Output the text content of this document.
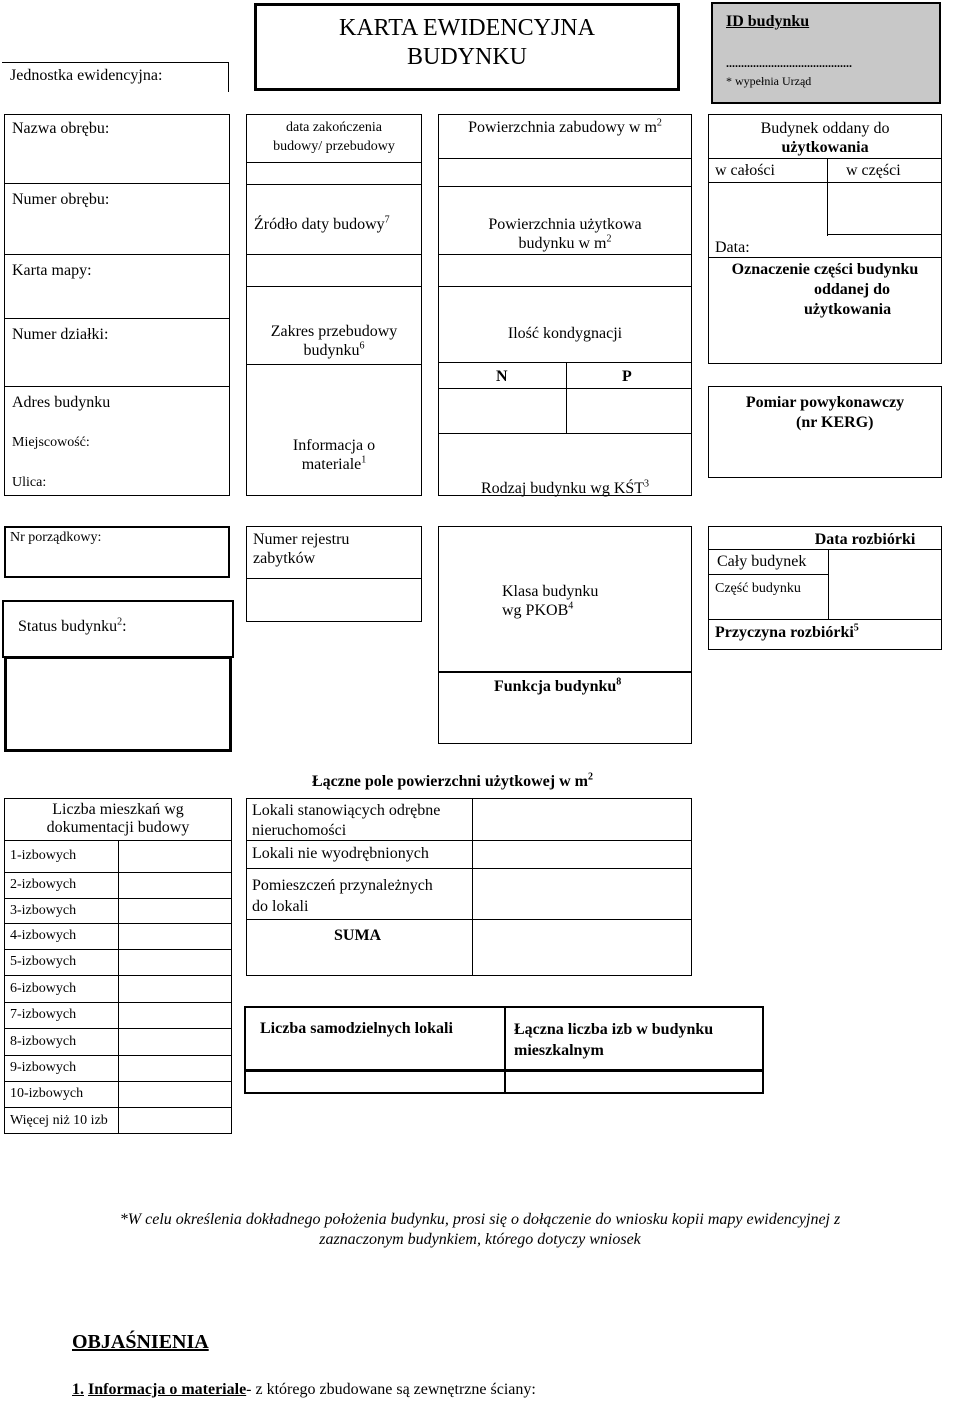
Jednostka ewidencyjna:
KARTA EWIDENCYJNA
BUDYNKU
ID budynku
..........................................
* wypełnia Urząd
Nazwa obrębu:
Numer obrębu:
Karta mapy:
Numer działki:
Adres budynku
Miejscowość:
Ulica:
Nr porządkowy:
Status budynku$^2$:
data zakończenia
budowy/ przebudowy
Źródło daty budowy$^7$
Zakres przebudowy
budynku$^6$
Informacja o
materiale$^1$
Numer rejestru
zabytków
Powierzchnia zabudowy w $m^2$
Powierzchnia użytkowa
budynku w $m^2$
Ilość kondygnacji
N	P
Rodzaj budynku wg KŚT$^3$
Klasa budynku
wg PKOB$^4$
Funkcja budynku$^8$
Budynek oddany do
użytkowania
w całości	w części
Data:
Oznaczenie części budynku
oddanej do
użytkowania
Pomiar powykonawczy
(nr KERG)
Data rozbiórki
Cały budynek
Część budynku
Przyczyna rozbiórki$^5$
Liczba mieszkań wg
dokumentacji budowy
1-izbowych
2-izbowych
3-izbowych
4-izbowych
5-izbowych
6-izbowych
7-izbowych
8-izbowych
9-izbowych
10-izbowych
Więcej niż 10 izb
Łączne pole powierzchni użytkowej w $m^2$
Lokali stanowiących odrębne
nieruchomości
Lokali nie wyodrębnionych
Pomieszczeń przynależnych
do lokali
SUMA
Liczba samodzielnych lokali	Łączna liczba izb w budynku
mieszkalnym
*W celu określenia dokładnego położenia budynku, prosi się o dołączenie do wniosku kopii mapy ewidencyjnej z
zaznaczonym budynkiem, którego dotyczy wniosek
OBJAŚNIENIA
1. Informacja o materiale- z którego zbudowane są zewnętrzne ściany:
